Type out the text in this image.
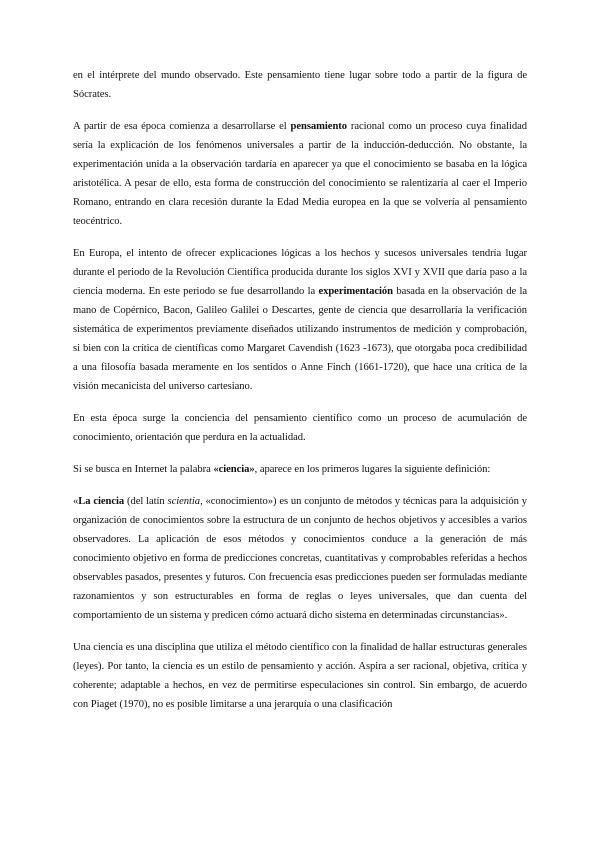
en el intérprete del mundo observado. Este pensamiento tiene lugar sobre todo a partir de la figura de Sócrates.

A partir de esa época comienza a desarrollarse el pensamiento racional como un proceso cuya finalidad sería la explicación de los fenómenos universales a partir de la inducción-deducción. No obstante, la experimentación unida a la observación tardaría en aparecer ya que el conocimiento se basaba en la lógica aristotélica. A pesar de ello, esta forma de construcción del conocimiento se ralentizaría al caer el Imperio Romano, entrando en clara recesión durante la Edad Media europea en la que se volvería al pensamiento teocéntrico.

En Europa, el intento de ofrecer explicaciones lógicas a los hechos y sucesos universales tendría lugar durante el periodo de la Revolución Científica producida durante los siglos XVI y XVII que daría paso a la ciencia moderna. En este periodo se fue desarrollando la experimentación basada en la observación de la mano de Copérnico, Bacon, Galileo Galilei o Descartes, gente de ciencia que desarrollaría la verificación sistemática de experimentos previamente diseñados utilizando instrumentos de medición y comprobación, si bien con la crítica de científicas como Margaret Cavendish (1623 -1673), que otorgaba poca credibilidad a una filosofía basada meramente en los sentidos o Anne Finch (1661-1720), que hace una crítica de la visión mecanicista del universo cartesiano.

En esta época surge la conciencia del pensamiento científico como un proceso de acumulación de conocimiento, orientación que perdura en la actualidad.

Si se busca en Internet la palabra «ciencia», aparece en los primeros lugares la siguiente definición:

«La ciencia (del latín scientia, «conocimiento») es un conjunto de métodos y técnicas para la adquisición y organización de conocimientos sobre la estructura de un conjunto de hechos objetivos y accesibles a varios observadores. La aplicación de esos métodos y conocimientos conduce a la generación de más conocimiento objetivo en forma de predicciones concretas, cuantitativas y comprobables referidas a hechos observables pasados, presentes y futuros. Con frecuencia esas predicciones pueden ser formuladas mediante razonamientos y son estructurables en forma de reglas o leyes universales, que dan cuenta del comportamiento de un sistema y predicen cómo actuará dicho sistema en determinadas circunstancias».

Una ciencia es una disciplina que utiliza el método científico con la finalidad de hallar estructuras generales (leyes). Por tanto, la ciencia es un estilo de pensamiento y acción. Aspira a ser racional, objetiva, crítica y coherente; adaptable a hechos, en vez de permitirse especulaciones sin control. Sin embargo, de acuerdo con Piaget (1970), no es posible limitarse a una jerarquía o una clasificación
